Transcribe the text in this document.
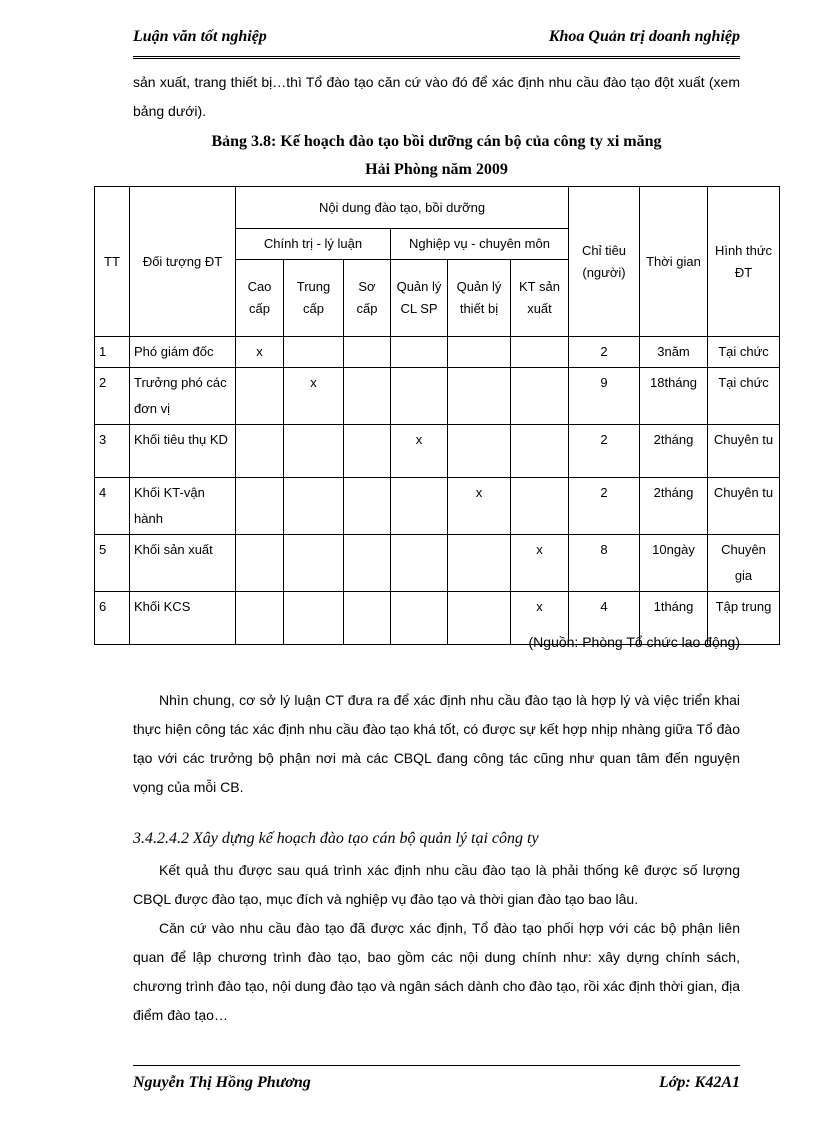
Luận văn tốt nghiệp	Khoa Quản trị doanh nghiệp

sản xuất, trang thiết bị…thì Tổ đào tạo căn cứ vào đó để xác định nhu cầu đào tạo đột xuất (xem bảng dưới).

Bảng 3.8: Kế hoạch đào tạo bồi dưỡng cán bộ của công ty xi măng
Hải Phòng năm 2009
TT	Đối tượng ĐT	Nội dung đào tạo, bồi dưỡng						Chỉ tiêu (người)	Thời gian	Hình thức ĐT
		Chính trị - lý luận			Nghiệp vụ - chuyên môn					
		Cao cấp	Trung cấp	Sơ cấp	Quản lý CL SP	Quản lý thiết bị	KT sản xuất			
1	Phó giám đốc	x						2	3năm	Tại chức
2	Trưởng phó các đơn vị		x					9	18tháng	Tại chức
3	Khối tiêu thụ KD				x			2	2tháng	Chuyên tu
4	Khối KT-vận hành					x		2	2tháng	Chuyên tu
5	Khối sản xuất						x	8	10ngày	Chuyên gia
6	Khối KCS						x	4	1tháng	Tập trung
(Nguồn: Phòng Tổ chức lao động)

Nhìn chung, cơ sở lý luận CT đưa ra để xác định nhu cầu đào tạo là hợp lý và việc triển khai thực hiện công tác xác định nhu cầu đào tạo khá tốt, có được sự kết hợp nhịp nhàng giữa Tổ đào tạo với các trưởng bộ phận nơi mà các CBQL đang công tác cũng như quan tâm đến nguyện vọng của mỗi CB.

3.4.2.4.2 Xây dựng kế hoạch đào tạo cán bộ quản lý tại công ty

Kết quả thu được sau quá trình xác định nhu cầu đào tạo là phải thống kê được số lượng CBQL được đào tạo, mục đích và nghiệp vụ đào tạo và thời gian đào tạo bao lâu.

Căn cứ vào nhu cầu đào tạo đã được xác định, Tổ đào tạo phối hợp với các bộ phận liên quan để lập chương trình đào tạo, bao gồm các nội dung chính như: xây dựng chính sách, chương trình đào tạo, nội dung đào tạo và ngân sách dành cho đào tạo, rồi xác định thời gian, địa điểm đào tạo…

Nguyễn Thị Hồng Phương	Lớp: K42A1
